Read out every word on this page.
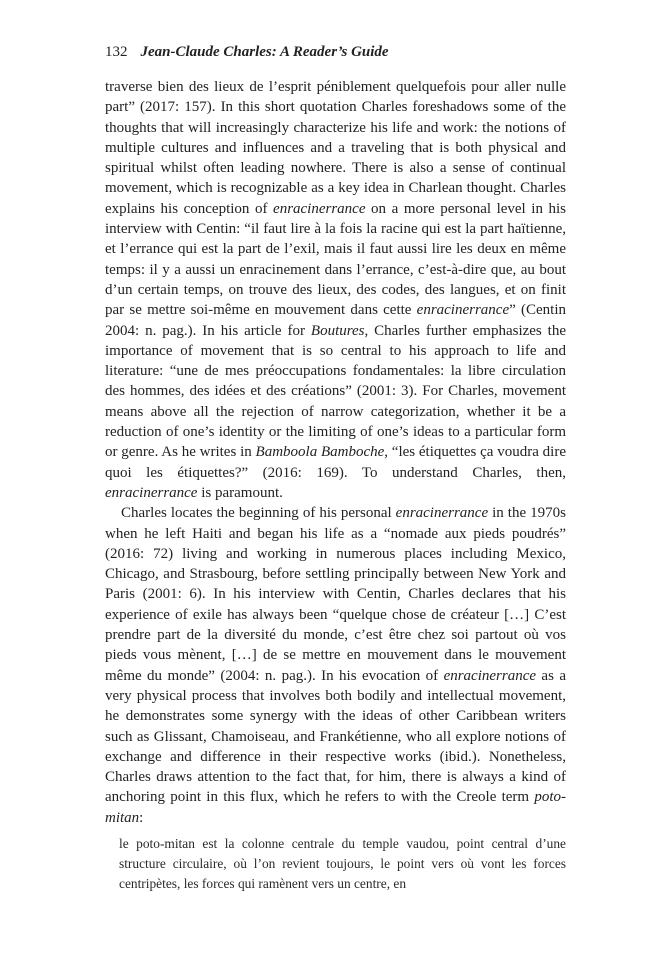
132 Jean-Claude Charles: A Reader’s Guide

traverse bien des lieux de l’esprit péniblement quelquefois pour aller nulle part” (2017: 157). In this short quotation Charles foreshadows some of the thoughts that will increasingly characterize his life and work: the notions of multiple cultures and influences and a traveling that is both physical and spiritual whilst often leading nowhere. There is also a sense of continual movement, which is recognizable as a key idea in Charlean thought. Charles explains his conception of enracinerrance on a more personal level in his interview with Centin: “il faut lire à la fois la racine qui est la part haïtienne, et l’errance qui est la part de l’exil, mais il faut aussi lire les deux en même temps: il y a aussi un enracinement dans l’errance, c’est-à-dire que, au bout d’un certain temps, on trouve des lieux, des codes, des langues, et on finit par se mettre soi-même en mouvement dans cette enracinerrance” (Centin 2004: n. pag.). In his article for Boutures, Charles further emphasizes the importance of movement that is so central to his approach to life and literature: “une de mes préoccupations fondamentales: la libre circulation des hommes, des idées et des créations” (2001: 3). For Charles, movement means above all the rejection of narrow categorization, whether it be a reduction of one’s identity or the limiting of one’s ideas to a particular form or genre. As he writes in Bamboola Bamboche, “les étiquettes ça voudra dire quoi les étiquettes?” (2016: 169). To understand Charles, then, enracinerrance is paramount.

Charles locates the beginning of his personal enracinerrance in the 1970s when he left Haiti and began his life as a “nomade aux pieds poudrés” (2016: 72) living and working in numerous places including Mexico, Chicago, and Strasbourg, before settling principally between New York and Paris (2001: 6). In his interview with Centin, Charles declares that his experience of exile has always been “quelque chose de créateur […] C’est prendre part de la diversité du monde, c’est être chez soi partout où vos pieds vous mènent, […] de se mettre en mouvement dans le mouvement même du monde” (2004: n. pag.). In his evocation of enracinerrance as a very physical process that involves both bodily and intellectual movement, he demonstrates some synergy with the ideas of other Caribbean writers such as Glissant, Chamoiseau, and Frankétienne, who all explore notions of exchange and difference in their respective works (ibid.). Nonetheless, Charles draws attention to the fact that, for him, there is always a kind of anchoring point in this flux, which he refers to with the Creole term poto-mitan:

le poto-mitan est la colonne centrale du temple vaudou, point central d’une structure circulaire, où l’on revient toujours, le point vers où vont les forces centripètes, les forces qui ramènent vers un centre, en
